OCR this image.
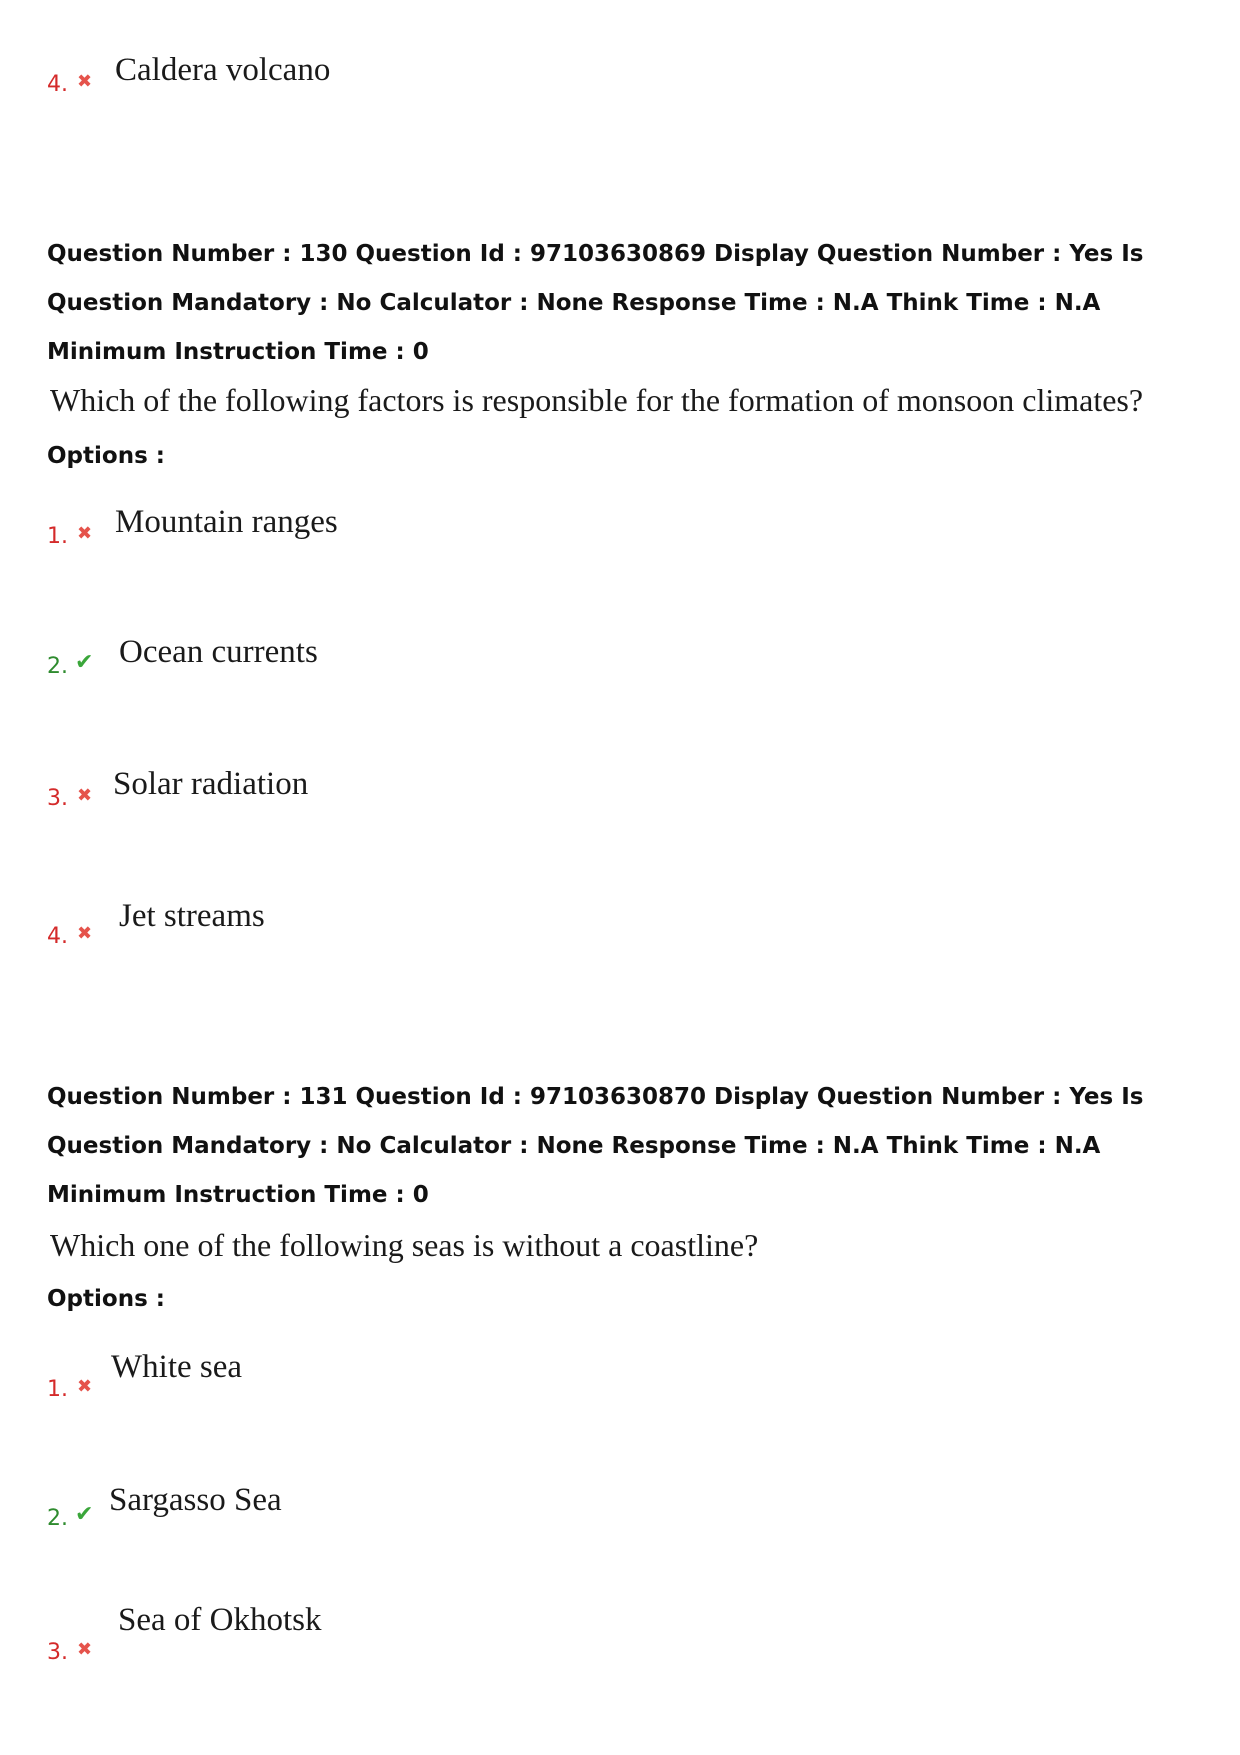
4. ✖ Caldera volcano
Question Number : 130 Question Id : 97103630869 Display Question Number : Yes Is Question Mandatory : No Calculator : None Response Time : N.A Think Time : N.A Minimum Instruction Time : 0
Which of the following factors is responsible for the formation of monsoon climates?
Options :
1. ✖ Mountain ranges
2. ✔ Ocean currents
3. ✖ Solar radiation
4. ✖ Jet streams
Question Number : 131 Question Id : 97103630870 Display Question Number : Yes Is Question Mandatory : No Calculator : None Response Time : N.A Think Time : N.A Minimum Instruction Time : 0
Which one of the following seas is without a coastline?
Options :
1. ✖
White sea
2. ✔ Sargasso Sea
3. ✖
Sea of Okhotsk
